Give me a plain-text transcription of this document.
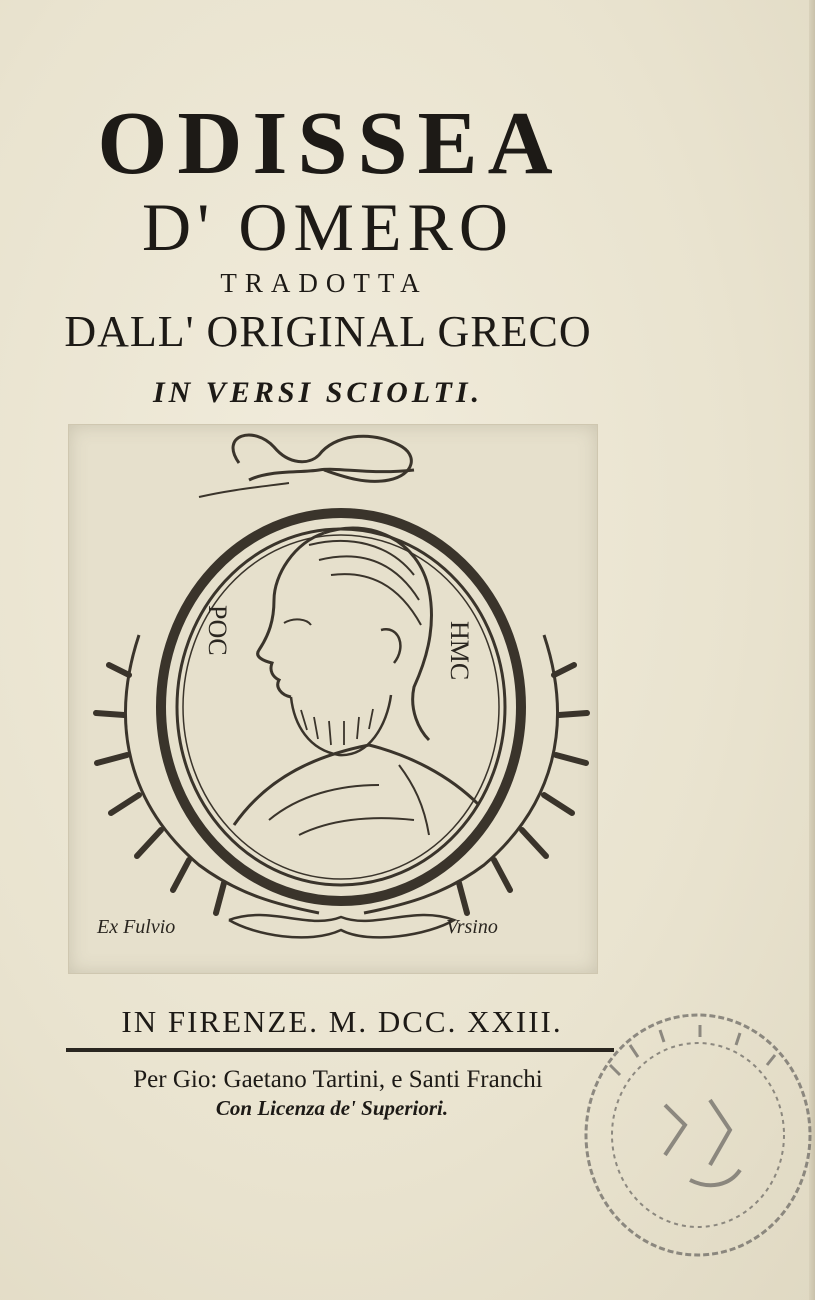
ODISSEA
D' OMERO
TRADOTTA
DALL' ORIGINAL GRECO
IN VERSI SCIOLTI.
POC	HMC
Ex Fulvio	Vrsino
IN FIRENZE. M. DCC. XXIII.
Per Gio: Gaetano Tartini, e Santi Franchi
Con Licenza de' Superiori.
